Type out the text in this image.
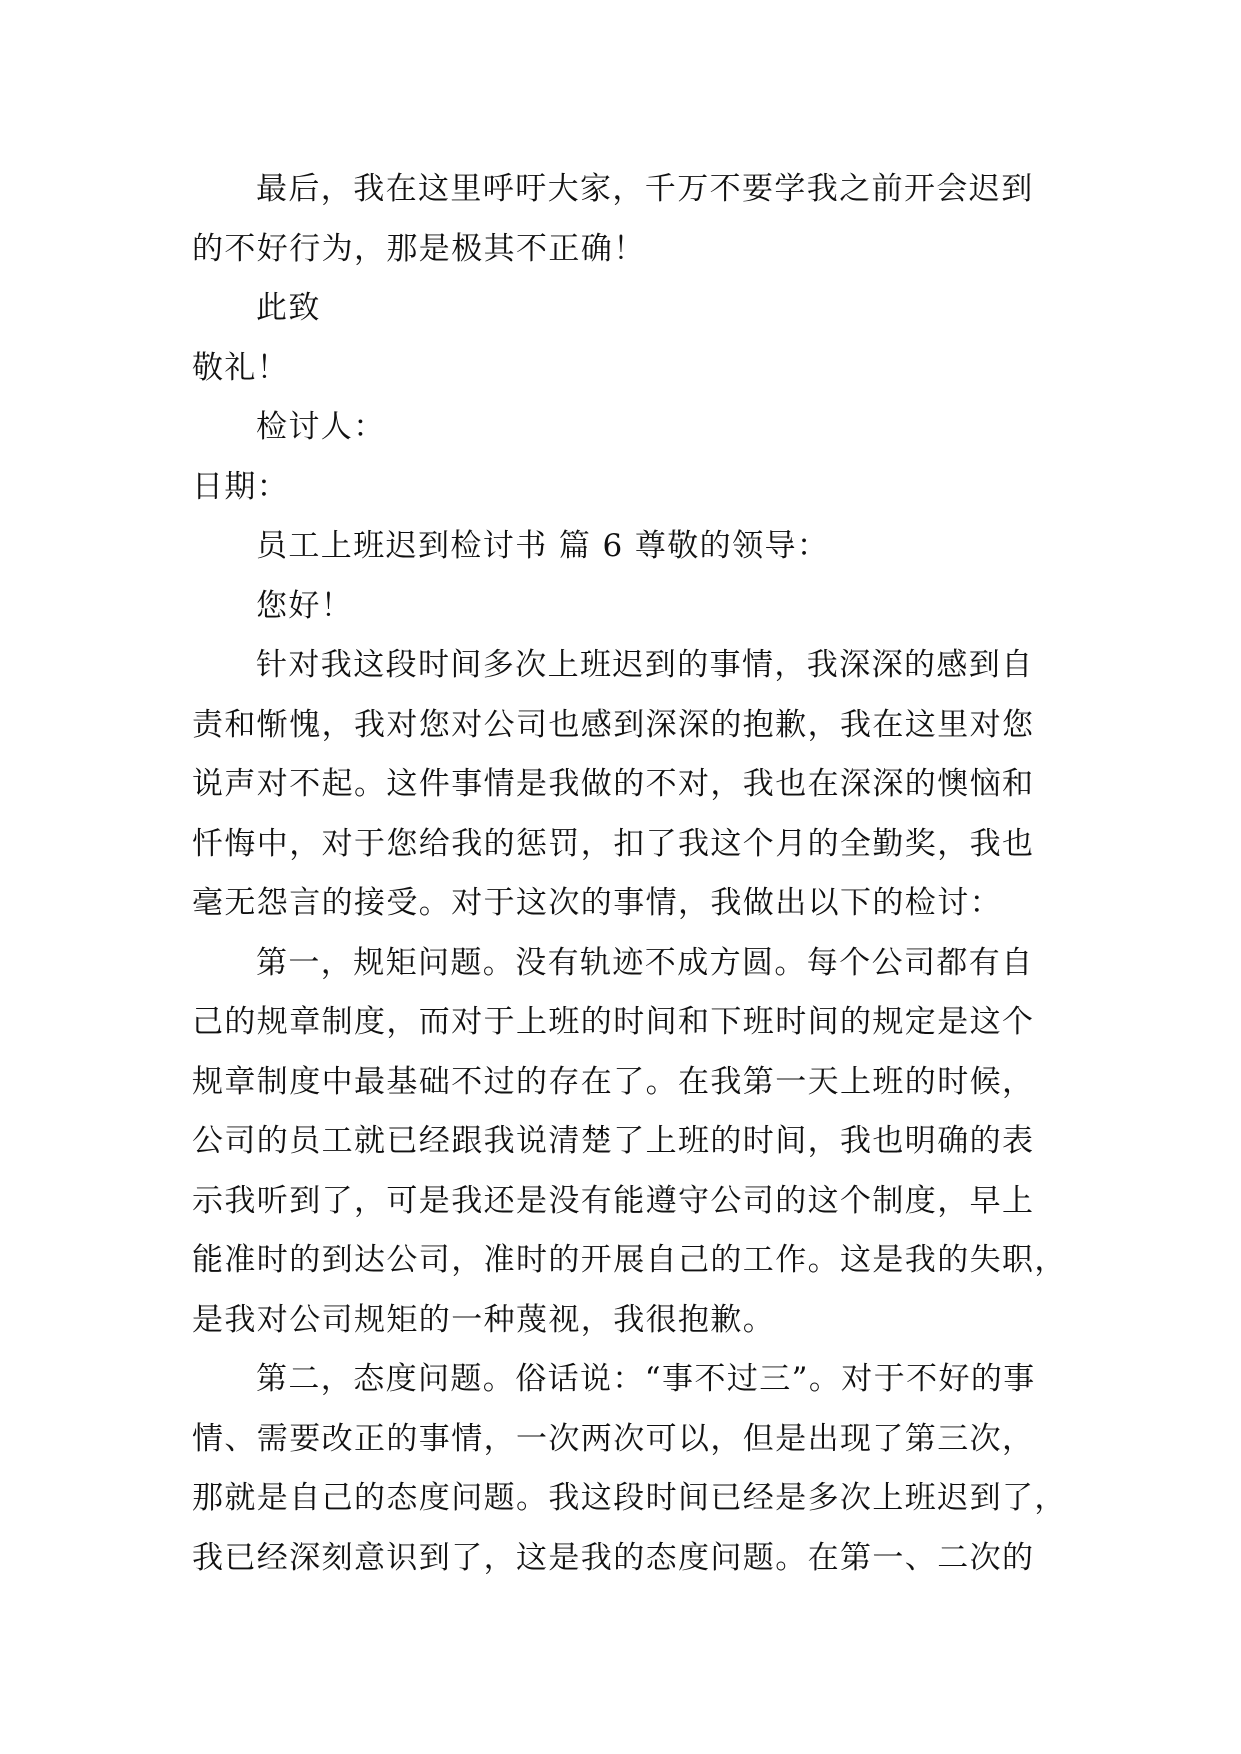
最后，我在这里呼吁大家，千万不要学我之前开会迟到
的不好行为，那是极其不正确！
此致
敬礼！
检讨人：
日期：
员工上班迟到检讨书 篇 6 尊敬的领导：
您好！
针对我这段时间多次上班迟到的事情，我深深的感到自
责和惭愧，我对您对公司也感到深深的抱歉，我在这里对您
说声对不起。这件事情是我做的不对，我也在深深的懊恼和
忏悔中，对于您给我的惩罚，扣了我这个月的全勤奖，我也
毫无怨言的接受。对于这次的事情，我做出以下的检讨：
第一，规矩问题。没有轨迹不成方圆。每个公司都有自
己的规章制度，而对于上班的时间和下班时间的规定是这个
规章制度中最基础不过的存在了。在我第一天上班的时候，
公司的员工就已经跟我说清楚了上班的时间，我也明确的表
示我听到了，可是我还是没有能遵守公司的这个制度，早上
能准时的到达公司，准时的开展自己的工作。这是我的失职，
是我对公司规矩的一种蔑视，我很抱歉。
第二，态度问题。俗话说：“事不过三”。对于不好的事
情、需要改正的事情，一次两次可以，但是出现了第三次，
那就是自己的态度问题。我这段时间已经是多次上班迟到了，
我已经深刻意识到了，这是我的态度问题。在第一、二次的
